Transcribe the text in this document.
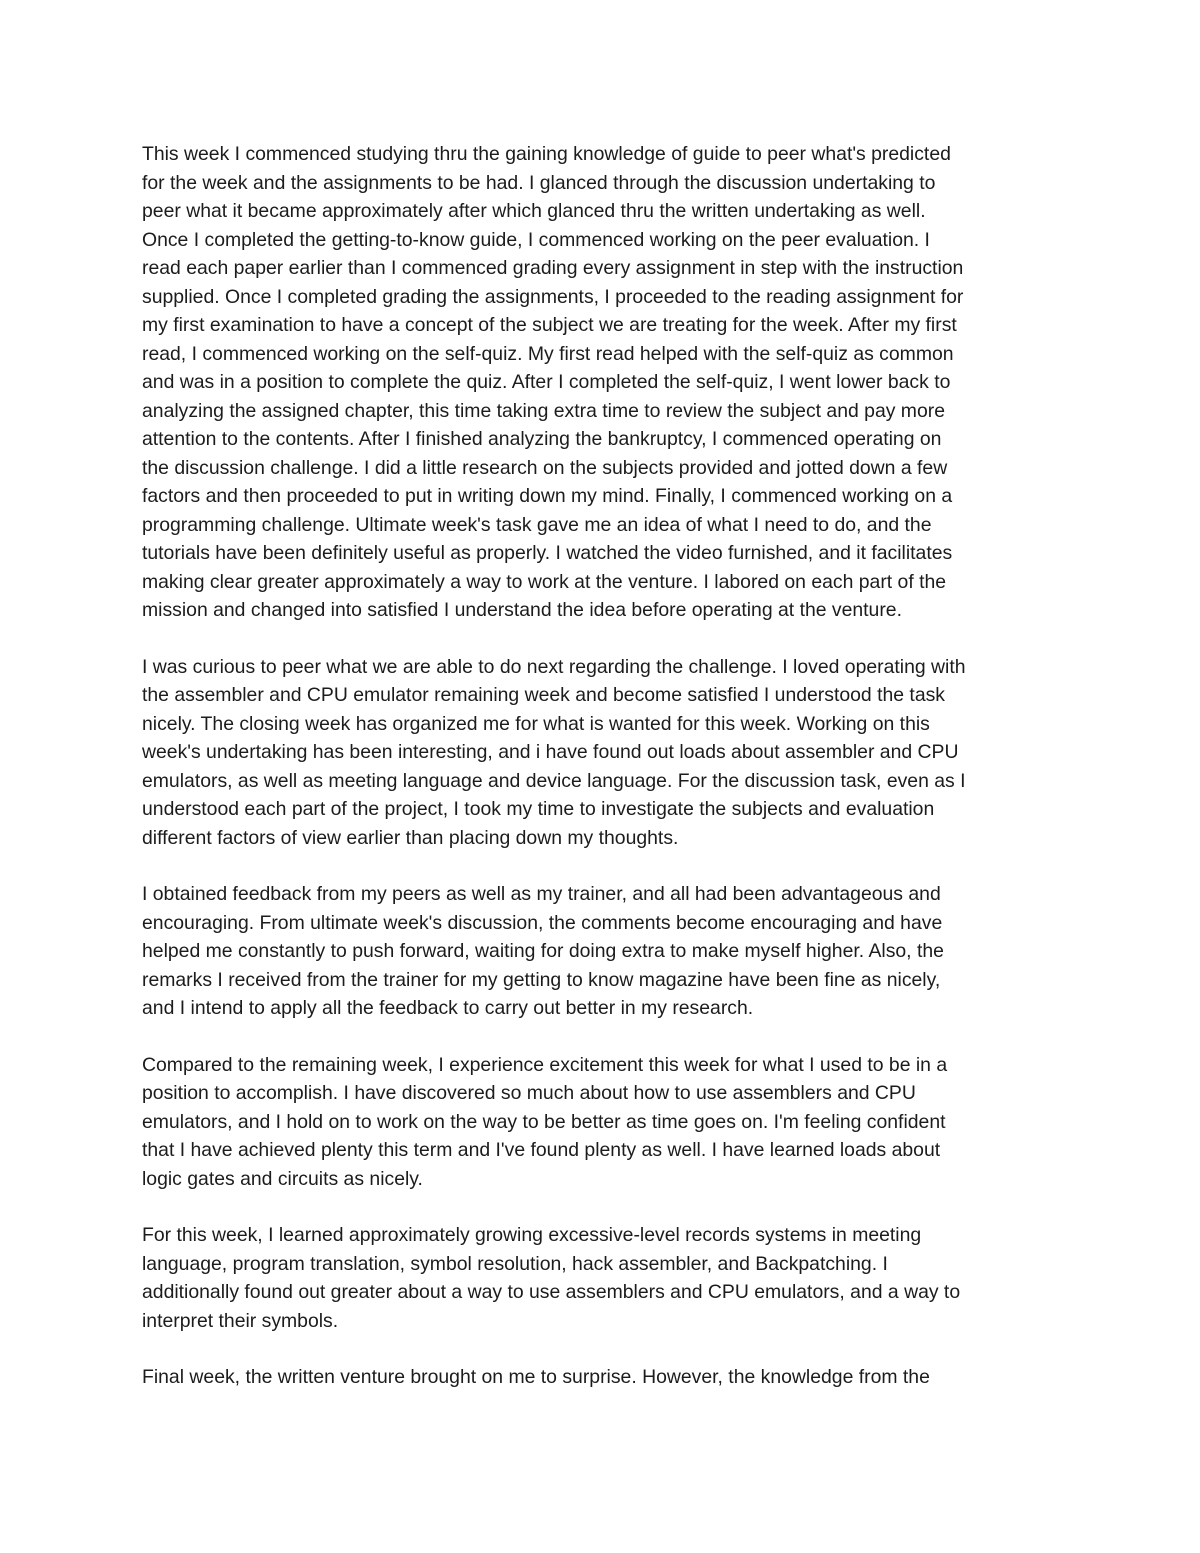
This week I commenced studying thru the gaining knowledge of guide to peer what's predicted
for the week and the assignments to be had. I glanced through the discussion undertaking to
peer what it became approximately after which glanced thru the written undertaking as well.
Once I completed the getting-to-know guide, I commenced working on the peer evaluation. I
read each paper earlier than I commenced grading every assignment in step with the instruction
supplied. Once I completed grading the assignments, I proceeded to the reading assignment for
my first examination to have a concept of the subject we are treating for the week. After my first
read, I commenced working on the self-quiz. My first read helped with the self-quiz as common
and was in a position to complete the quiz. After I completed the self-quiz, I went lower back to
analyzing the assigned chapter, this time taking extra time to review the subject and pay more
attention to the contents. After I finished analyzing the bankruptcy, I commenced operating on
the discussion challenge. I did a little research on the subjects provided and jotted down a few
factors and then proceeded to put in writing down my mind. Finally, I commenced working on a
programming challenge. Ultimate week's task gave me an idea of what I need to do, and the
tutorials have been definitely useful as properly. I watched the video furnished, and it facilitates
making clear greater approximately a way to work at the venture. I labored on each part of the
mission and changed into satisfied I understand the idea before operating at the venture.
I was curious to peer what we are able to do next regarding the challenge. I loved operating with
the assembler and CPU emulator remaining week and become satisfied I understood the task
nicely. The closing week has organized me for what is wanted for this week. Working on this
week's undertaking has been interesting, and i have found out loads about assembler and CPU
emulators, as well as meeting language and device language. For the discussion task, even as I
understood each part of the project, I took my time to investigate the subjects and evaluation
different factors of view earlier than placing down my thoughts.
I obtained feedback from my peers as well as my trainer, and all had been advantageous and
encouraging. From ultimate week's discussion, the comments become encouraging and have
helped me constantly to push forward, waiting for doing extra to make myself higher. Also, the
remarks I received from the trainer for my getting to know magazine have been fine as nicely,
and I intend to apply all the feedback to carry out better in my research.
Compared to the remaining week, I experience excitement this week for what I used to be in a
position to accomplish. I have discovered so much about how to use assemblers and CPU
emulators, and I hold on to work on the way to be better as time goes on. I'm feeling confident
that I have achieved plenty this term and I've found plenty as well. I have learned loads about
logic gates and circuits as nicely.
For this week, I learned approximately growing excessive-level records systems in meeting
language, program translation, symbol resolution, hack assembler, and Backpatching. I
additionally found out greater about a way to use assemblers and CPU emulators, and a way to
interpret their symbols.
Final week, the written venture brought on me to surprise. However, the knowledge from the
